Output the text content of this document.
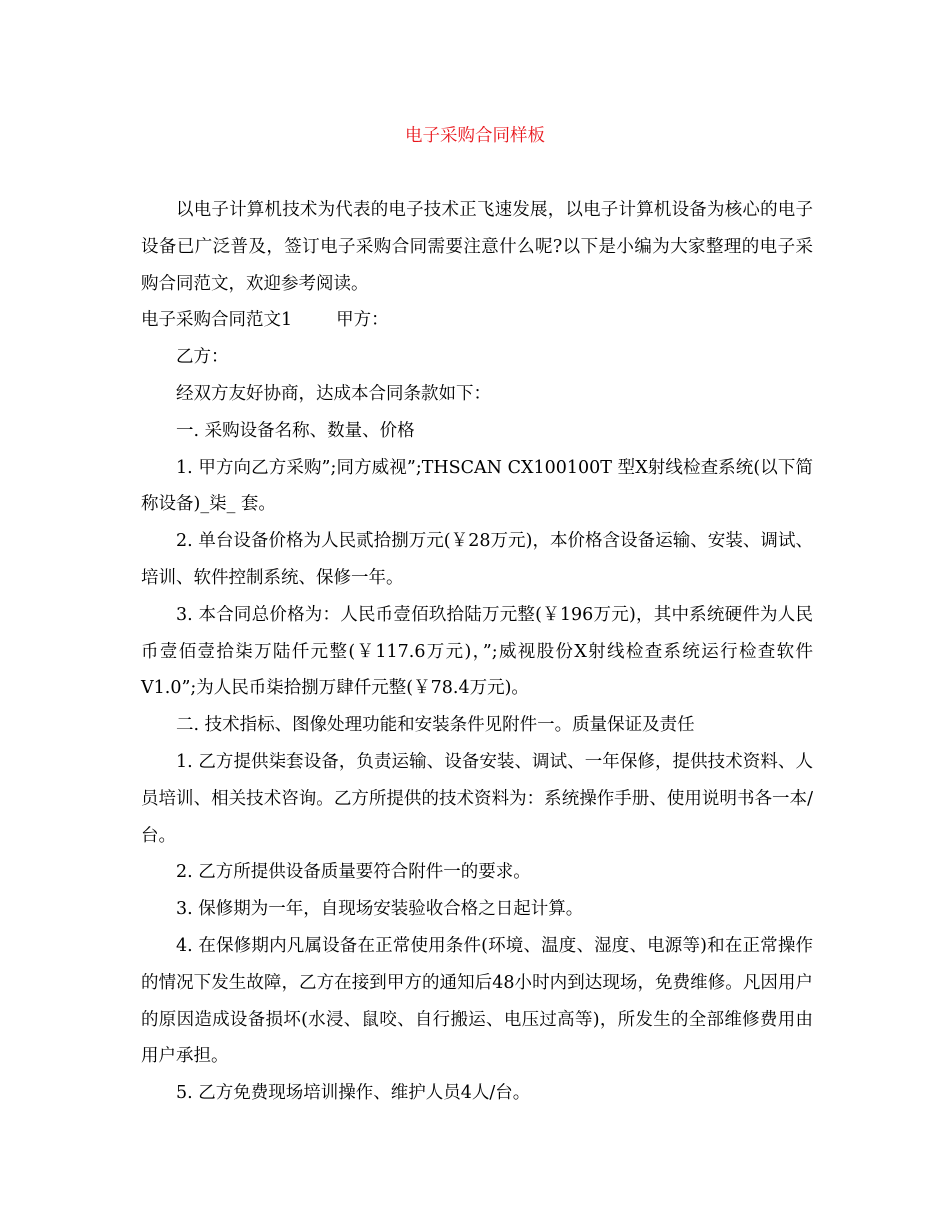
电子采购合同样板

以电子计算机技术为代表的电子技术正飞速发展，以电子计算机设备为核心的电子设备已广泛普及，签订电子采购合同需要注意什么呢?以下是小编为大家整理的电子采购合同范文，欢迎参考阅读。

电子采购合同范文1	甲方：

乙方：

经双方友好协商，达成本合同条款如下：

一. 采购设备名称、数量、价格

1. 甲方向乙方采购”;同方威视”;THSCAN CX100100T 型X射线检查系统(以下简称设备)_柒_ 套。

2. 单台设备价格为人民贰拾捌万元(￥28万元)，本价格含设备运输、安装、调试、培训、软件控制系统、保修一年。

3. 本合同总价格为：人民币壹佰玖拾陆万元整(￥196万元)，其中系统硬件为人民币壹佰壹拾柒万陆仟元整(￥117.6万元)，”;威视股份X射线检查系统运行检查软件V1.0”;为人民币柒拾捌万肆仟元整(￥78.4万元)。

二. 技术指标、图像处理功能和安装条件见附件一。质量保证及责任

1. 乙方提供柒套设备，负责运输、设备安装、调试、一年保修，提供技术资料、人员培训、相关技术咨询。乙方所提供的技术资料为：系统操作手册、使用说明书各一本/台。

2. 乙方所提供设备质量要符合附件一的要求。

3. 保修期为一年，自现场安装验收合格之日起计算。

4. 在保修期内凡属设备在正常使用条件(环境、温度、湿度、电源等)和在正常操作的情况下发生故障，乙方在接到甲方的通知后48小时内到达现场，免费维修。凡因用户的原因造成设备损坏(水浸、鼠咬、自行搬运、电压过高等)，所发生的全部维修费用由用户承担。

5. 乙方免费现场培训操作、维护人员4人/台。
